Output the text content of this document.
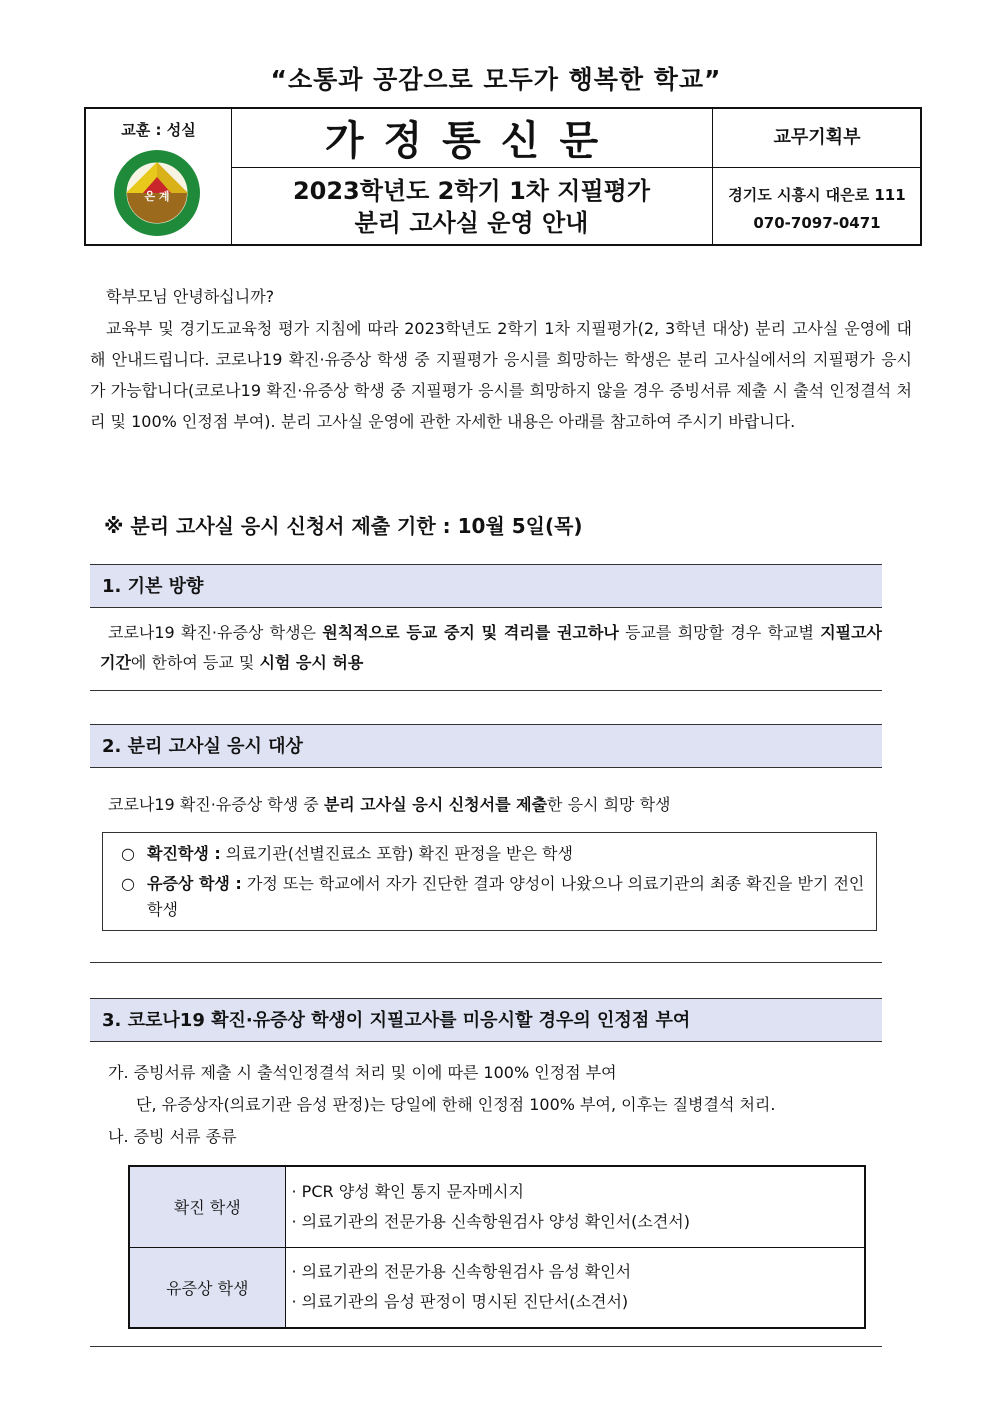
“소통과 공감으로 모두가 행복한 학교”
교훈 : 성실
은 계
가정통신문	교무기획부
2023학년도 2학기 1차 지필평가
분리 고사실 운영 안내
경기도 시흥시 대은로 111
070-7097-0471
학부모님 안녕하십니까?
교육부 및 경기도교육청 평가 지침에 따라 2023학년도 2학기 1차 지필평가(2, 3학년 대상) 분리 고사실 운영에 대해 안내드립니다. 코로나19 확진·유증상 학생 중 지필평가 응시를 희망하는 학생은 분리 고사실에서의 지필평가 응시가 가능합니다(코로나19 확진·유증상 학생 중 지필평가 응시를 희망하지 않을 경우 증빙서류 제출 시 출석 인정결석 처리 및 100% 인정점 부여). 분리 고사실 운영에 관한 자세한 내용은 아래를 참고하여 주시기 바랍니다.
※ 분리 고사실 응시 신청서 제출 기한 : 10월 5일(목)
1. 기본 방향
코로나19 확진·유증상 학생은 원칙적으로 등교 중지 및 격리를 권고하나 등교를 희망할 경우 학교별 지필고사 기간에 한하여 등교 및 시험 응시 허용
2. 분리 고사실 응시 대상
코로나19 확진·유증상 학생 중 분리 고사실 응시 신청서를 제출한 응시 희망 학생
○ 확진학생 : 의료기관(선별진료소 포함) 확진 판정을 받은 학생
○ 유증상 학생 : 가정 또는 학교에서 자가 진단한 결과 양성이 나왔으나 의료기관의 최종 확진을 받기 전인 학생
3. 코로나19 확진·유증상 학생이 지필고사를 미응시할 경우의 인정점 부여
가. 증빙서류 제출 시 출석인정결석 처리 및 이에 따른 100% 인정점 부여
단, 유증상자(의료기관 음성 판정)는 당일에 한해 인정점 100% 부여, 이후는 질병결석 처리.
나. 증빙 서류 종류
확진 학생	· PCR 양성 확인 통지 문자메시지
· 의료기관의 전문가용 신속항원검사 양성 확인서(소견서)

유증상 학생	· 의료기관의 전문가용 신속항원검사 음성 확인서
· 의료기관의 음성 판정이 명시된 진단서(소견서)
